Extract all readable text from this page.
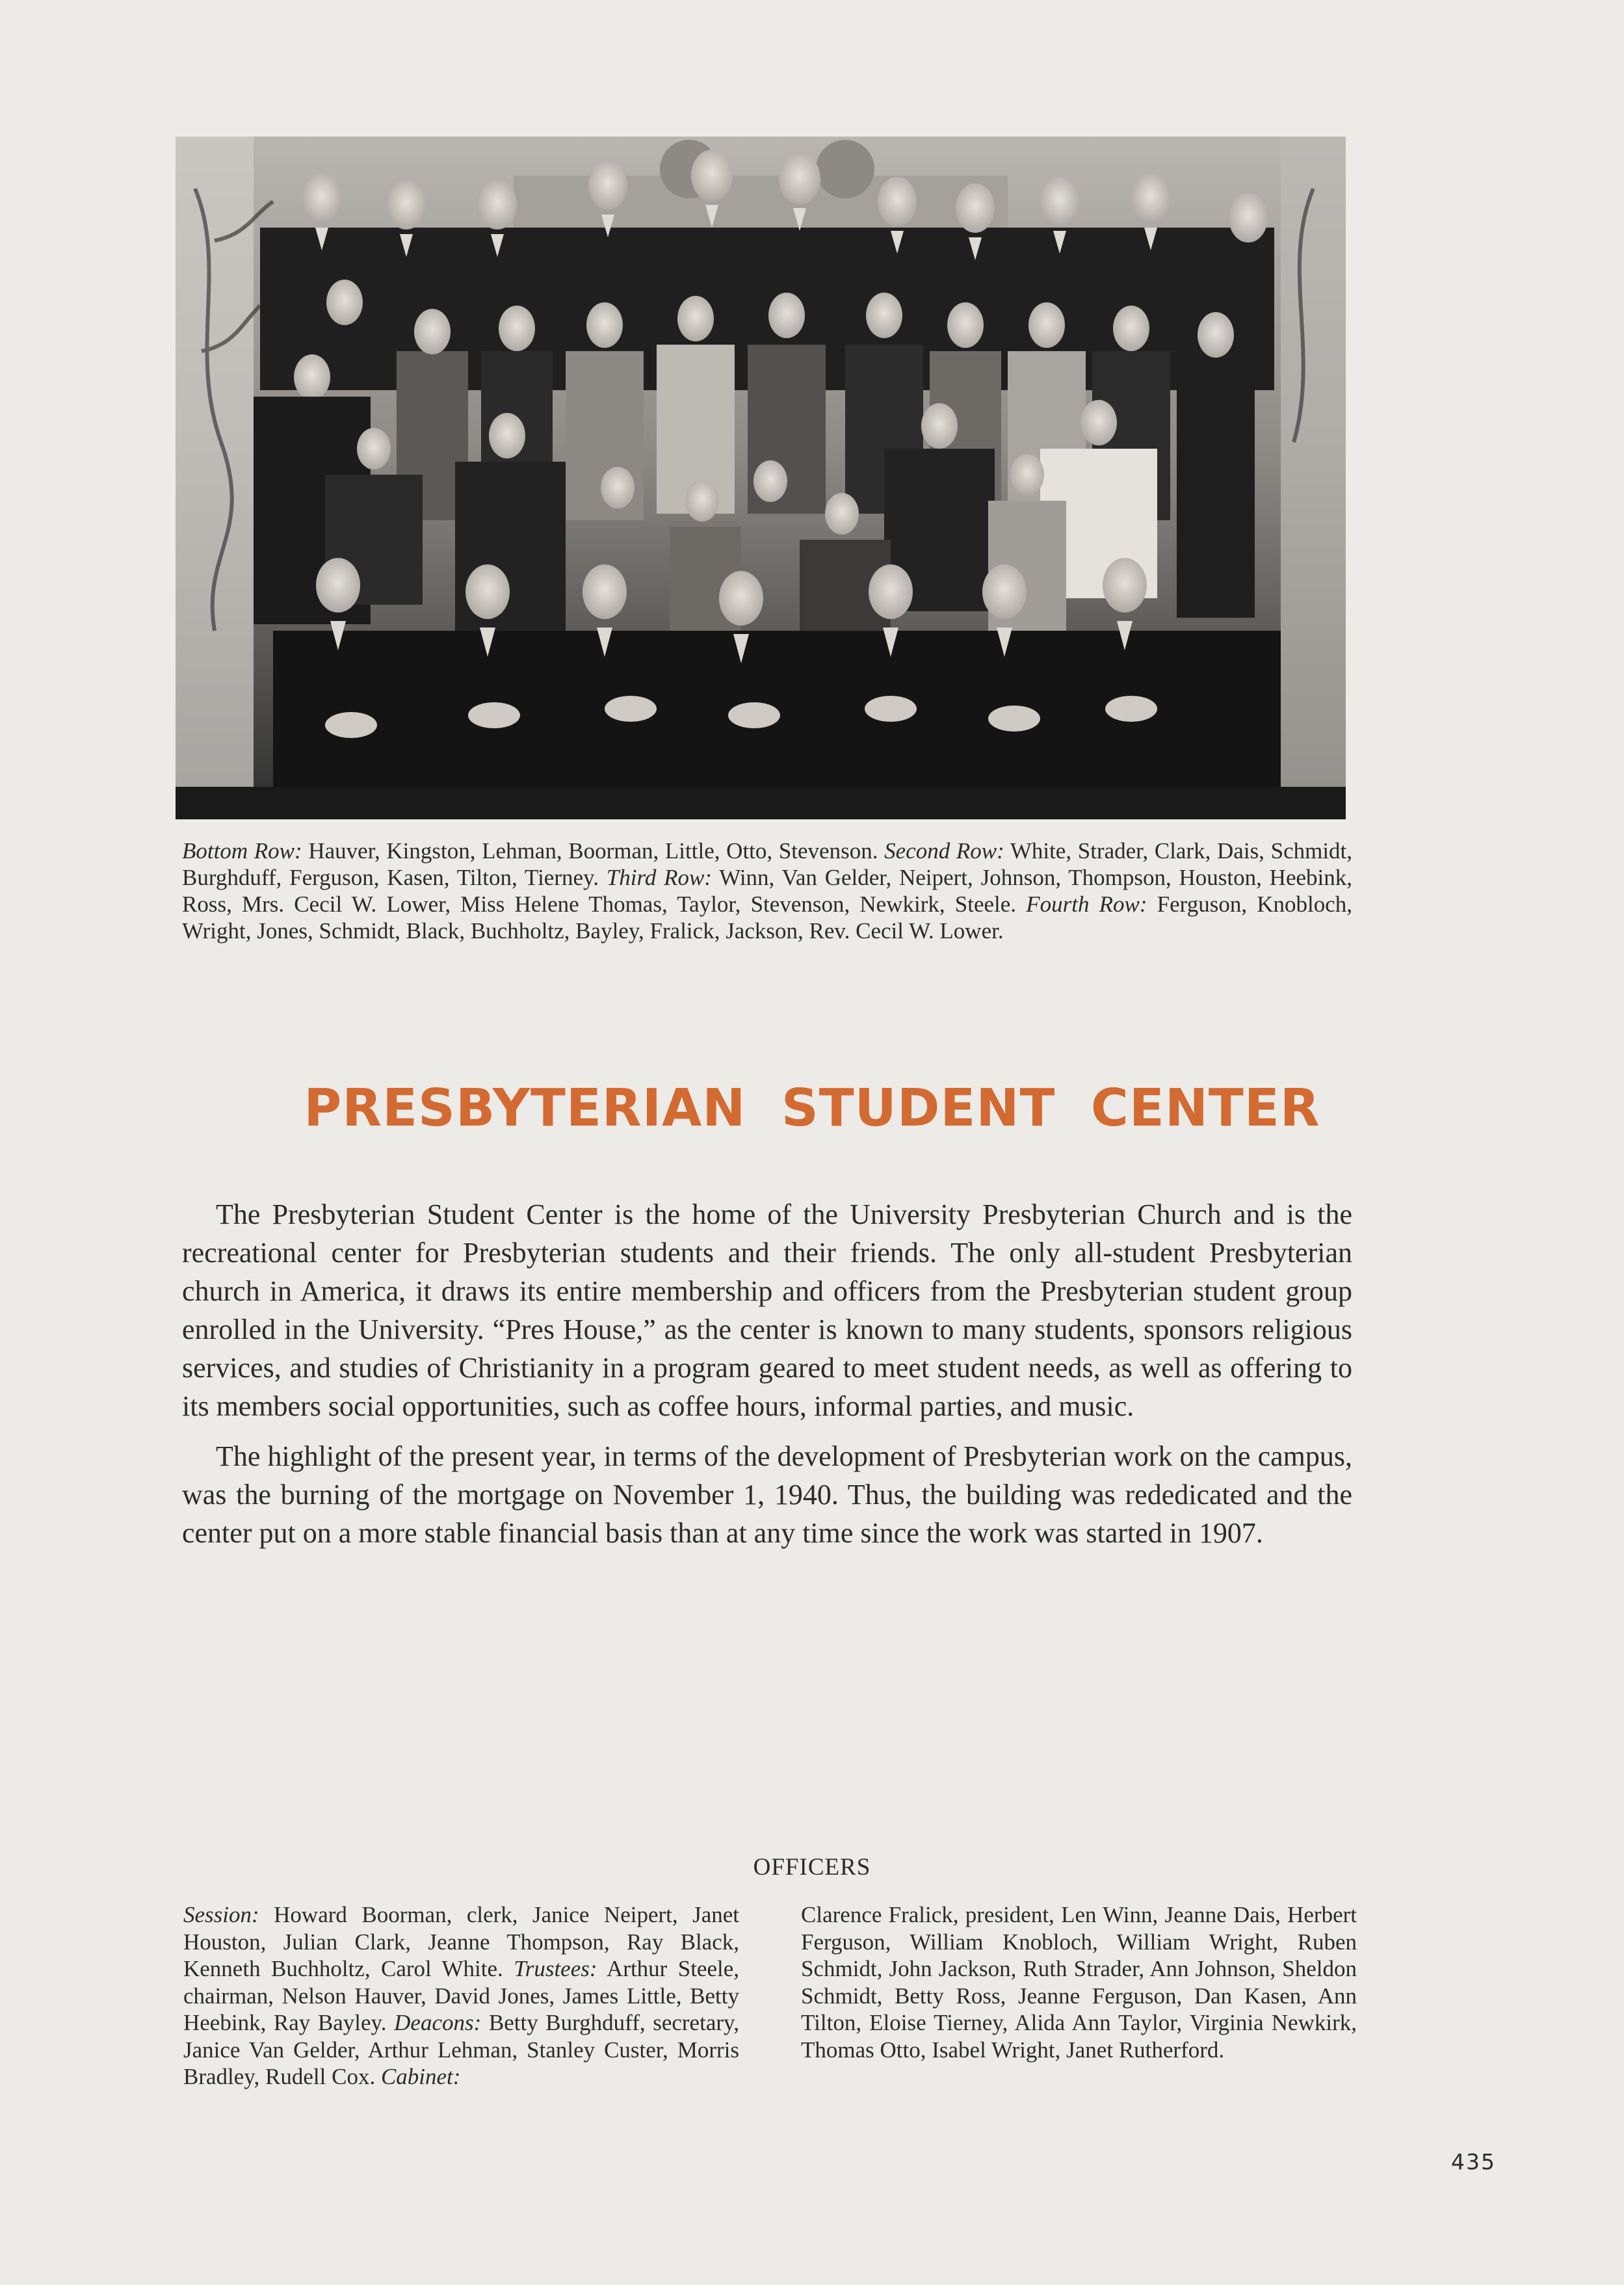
Bottom Row: Hauver, Kingston, Lehman, Boorman, Little, Otto, Stevenson. Second Row: White, Strader, Clark, Dais, Schmidt, Burghduff, Ferguson, Kasen, Tilton, Tierney. Third Row: Winn, Van Gelder, Neipert, Johnson, Thompson, Houston, Heebink, Ross, Mrs. Cecil W. Lower, Miss Helene Thomas, Taylor, Stevenson, Newkirk, Steele. Fourth Row: Ferguson, Knobloch, Wright, Jones, Schmidt, Black, Buchholtz, Bayley, Fralick, Jackson, Rev. Cecil W. Lower.
PRESBYTERIAN STUDENT CENTER

The Presbyterian Student Center is the home of the University Presbyterian Church and is the recreational center for Presbyterian students and their friends. The only all-student Presbyterian church in America, it draws its entire membership and officers from the Presbyterian student group enrolled in the University. “Pres House,” as the center is known to many students, sponsors religious services, and studies of Christianity in a program geared to meet student needs, as well as offering to its members social opportunities, such as coffee hours, informal parties, and music.

The highlight of the present year, in terms of the development of Presbyterian work on the campus, was the burning of the mortgage on November 1, 1940. Thus, the building was rededicated and the center put on a more stable financial basis than at any time since the work was started in 1907.

OFFICERS
Session: Howard Boorman, clerk, Janice Neipert, Janet Houston, Julian Clark, Jeanne Thompson, Ray Black, Kenneth Buchholtz, Carol White. Trustees: Arthur Steele, chairman, Nelson Hauver, David Jones, James Little, Betty Heebink, Ray Bayley. Deacons: Betty Burghduff, secretary, Janice Van Gelder, Arthur Lehman, Stanley Custer, Morris Bradley, Rudell Cox. Cabinet:
Clarence Fralick, president, Len Winn, Jeanne Dais, Herbert Ferguson, William Knobloch, William Wright, Ruben Schmidt, John Jackson, Ruth Strader, Ann Johnson, Sheldon Schmidt, Betty Ross, Jeanne Ferguson, Dan Kasen, Ann Tilton, Eloise Tierney, Alida Ann Taylor, Virginia Newkirk, Thomas Otto, Isabel Wright, Janet Rutherford.
435
